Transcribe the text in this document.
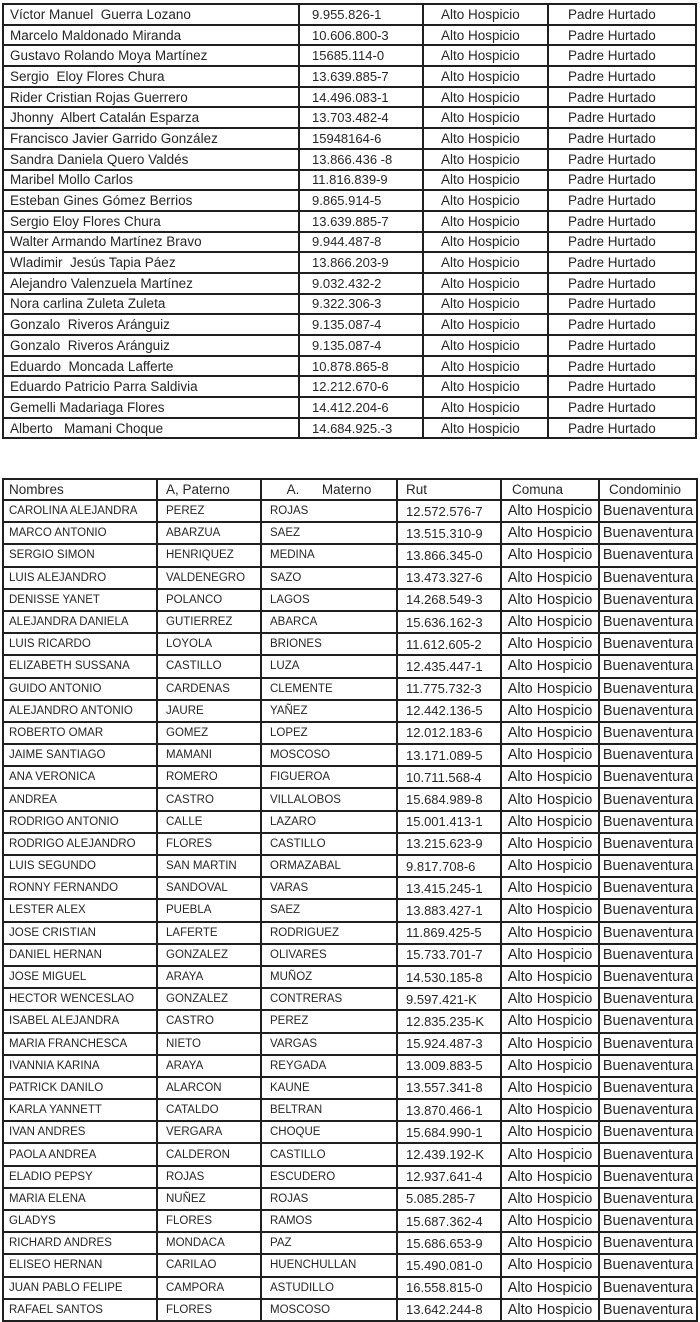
Víctor Manuel  Guerra Lozano	9.955.826-1	Alto Hospicio	Padre Hurtado
Marcelo Maldonado Miranda	10.606.800-3	Alto Hospicio	Padre Hurtado
Gustavo Rolando Moya Martínez	15685.114-0	Alto Hospicio	Padre Hurtado
Sergio  Eloy Flores Chura	13.639.885-7	Alto Hospicio	Padre Hurtado
Rider Cristian Rojas Guerrero	14.496.083-1	Alto Hospicio	Padre Hurtado
Jhonny  Albert Catalán Esparza	13.703.482-4	Alto Hospicio	Padre Hurtado
Francisco Javier Garrido González	15948164-6	Alto Hospicio	Padre Hurtado
Sandra Daniela Quero Valdés	13.866.436 -8	Alto Hospicio	Padre Hurtado
Maribel Mollo Carlos	11.816.839-9	Alto Hospicio	Padre Hurtado
Esteban Gines Gómez Berrios	9.865.914-5	Alto Hospicio	Padre Hurtado
Sergio Eloy Flores Chura	13.639.885-7	Alto Hospicio	Padre Hurtado
Walter Armando Martínez Bravo	9.944.487-8	Alto Hospicio	Padre Hurtado
Wladimir  Jesús Tapia Páez	13.866.203-9	Alto Hospicio	Padre Hurtado
Alejandro Valenzuela Martínez	9.032.432-2	Alto Hospicio	Padre Hurtado
Nora carlina Zuleta Zuleta	9.322.306-3	Alto Hospicio	Padre Hurtado
Gonzalo  Riveros Aránguiz	9.135.087-4	Alto Hospicio	Padre Hurtado
Gonzalo  Riveros Aránguiz	9.135.087-4	Alto Hospicio	Padre Hurtado
Eduardo  Moncada Lafferte	10.878.865-8	Alto Hospicio	Padre Hurtado
Eduardo Patricio Parra Saldivia	12.212.670-6	Alto Hospicio	Padre Hurtado
Gemelli Madariaga Flores	14.412.204-6	Alto Hospicio	Padre Hurtado
Alberto   Mamani Choque	14.684.925.-3	Alto Hospicio	Padre Hurtado
Nombres	A, Paterno	A.      Materno	Rut	Comuna	Condominio
CAROLINA ALEJANDRA	PEREZ	ROJAS	12.572.576-7	Alto Hospicio	Buenaventura
MARCO ANTONIO	ABARZUA	SAEZ	13.515.310-9	Alto Hospicio	Buenaventura
SERGIO SIMON	HENRIQUEZ	MEDINA	13.866.345-0	Alto Hospicio	Buenaventura
LUIS ALEJANDRO	VALDENEGRO	SAZO	13.473.327-6	Alto Hospicio	Buenaventura
DENISSE YANET	POLANCO	LAGOS	14.268.549-3	Alto Hospicio	Buenaventura
ALEJANDRA DANIELA	GUTIERREZ	ABARCA	15.636.162-3	Alto Hospicio	Buenaventura
LUIS RICARDO	LOYOLA	BRIONES	11.612.605-2	Alto Hospicio	Buenaventura
ELIZABETH SUSSANA	CASTILLO	LUZA	12.435.447-1	Alto Hospicio	Buenaventura
GUIDO ANTONIO	CARDENAS	CLEMENTE	11.775.732-3	Alto Hospicio	Buenaventura
ALEJANDRO ANTONIO	JAURE	YAÑEZ	12.442.136-5	Alto Hospicio	Buenaventura
ROBERTO OMAR	GOMEZ	LOPEZ	12.012.183-6	Alto Hospicio	Buenaventura
JAIME SANTIAGO	MAMANI	MOSCOSO	13.171.089-5	Alto Hospicio	Buenaventura
ANA VERONICA	ROMERO	FIGUEROA	10.711.568-4	Alto Hospicio	Buenaventura
ANDREA	CASTRO	VILLALOBOS	15.684.989-8	Alto Hospicio	Buenaventura
RODRIGO ANTONIO	CALLE	LAZARO	15.001.413-1	Alto Hospicio	Buenaventura
RODRIGO ALEJANDRO	FLORES	CASTILLO	13.215.623-9	Alto Hospicio	Buenaventura
LUIS SEGUNDO	SAN MARTIN	ORMAZABAL	9.817.708-6	Alto Hospicio	Buenaventura
RONNY FERNANDO	SANDOVAL	VARAS	13.415.245-1	Alto Hospicio	Buenaventura
LESTER ALEX	PUEBLA	SAEZ	13.883.427-1	Alto Hospicio	Buenaventura
JOSE CRISTIAN	LAFERTE	RODRIGUEZ	11.869.425-5	Alto Hospicio	Buenaventura
DANIEL HERNAN	GONZALEZ	OLIVARES	15.733.701-7	Alto Hospicio	Buenaventura
JOSE MIGUEL	ARAYA	MUÑOZ	14.530.185-8	Alto Hospicio	Buenaventura
HECTOR WENCESLAO	GONZALEZ	CONTRERAS	9.597.421-K	Alto Hospicio	Buenaventura
ISABEL ALEJANDRA	CASTRO	PEREZ	12.835.235-K	Alto Hospicio	Buenaventura
MARIA FRANCHESCA	NIETO	VARGAS	15.924.487-3	Alto Hospicio	Buenaventura
IVANNIA KARINA	ARAYA	REYGADA	13.009.883-5	Alto Hospicio	Buenaventura
PATRICK DANILO	ALARCON	KAUNE	13.557.341-8	Alto Hospicio	Buenaventura
KARLA YANNETT	CATALDO	BELTRAN	13.870.466-1	Alto Hospicio	Buenaventura
IVAN ANDRES	VERGARA	CHOQUE	15.684.990-1	Alto Hospicio	Buenaventura
PAOLA ANDREA	CALDERON	CASTILLO	12.439.192-K	Alto Hospicio	Buenaventura
ELADIO PEPSY	ROJAS	ESCUDERO	12.937.641-4	Alto Hospicio	Buenaventura
MARIA ELENA	NUÑEZ	ROJAS	5.085.285-7	Alto Hospicio	Buenaventura
GLADYS	FLORES	RAMOS	15.687.362-4	Alto Hospicio	Buenaventura
RICHARD ANDRES	MONDACA	PAZ	15.686.653-9	Alto Hospicio	Buenaventura
ELISEO HERNAN	CARILAO	HUENCHULLAN	15.490.081-0	Alto Hospicio	Buenaventura
JUAN PABLO FELIPE	CAMPORA	ASTUDILLO	16.558.815-0	Alto Hospicio	Buenaventura
RAFAEL SANTOS	FLORES	MOSCOSO	13.642.244-8	Alto Hospicio	Buenaventura
